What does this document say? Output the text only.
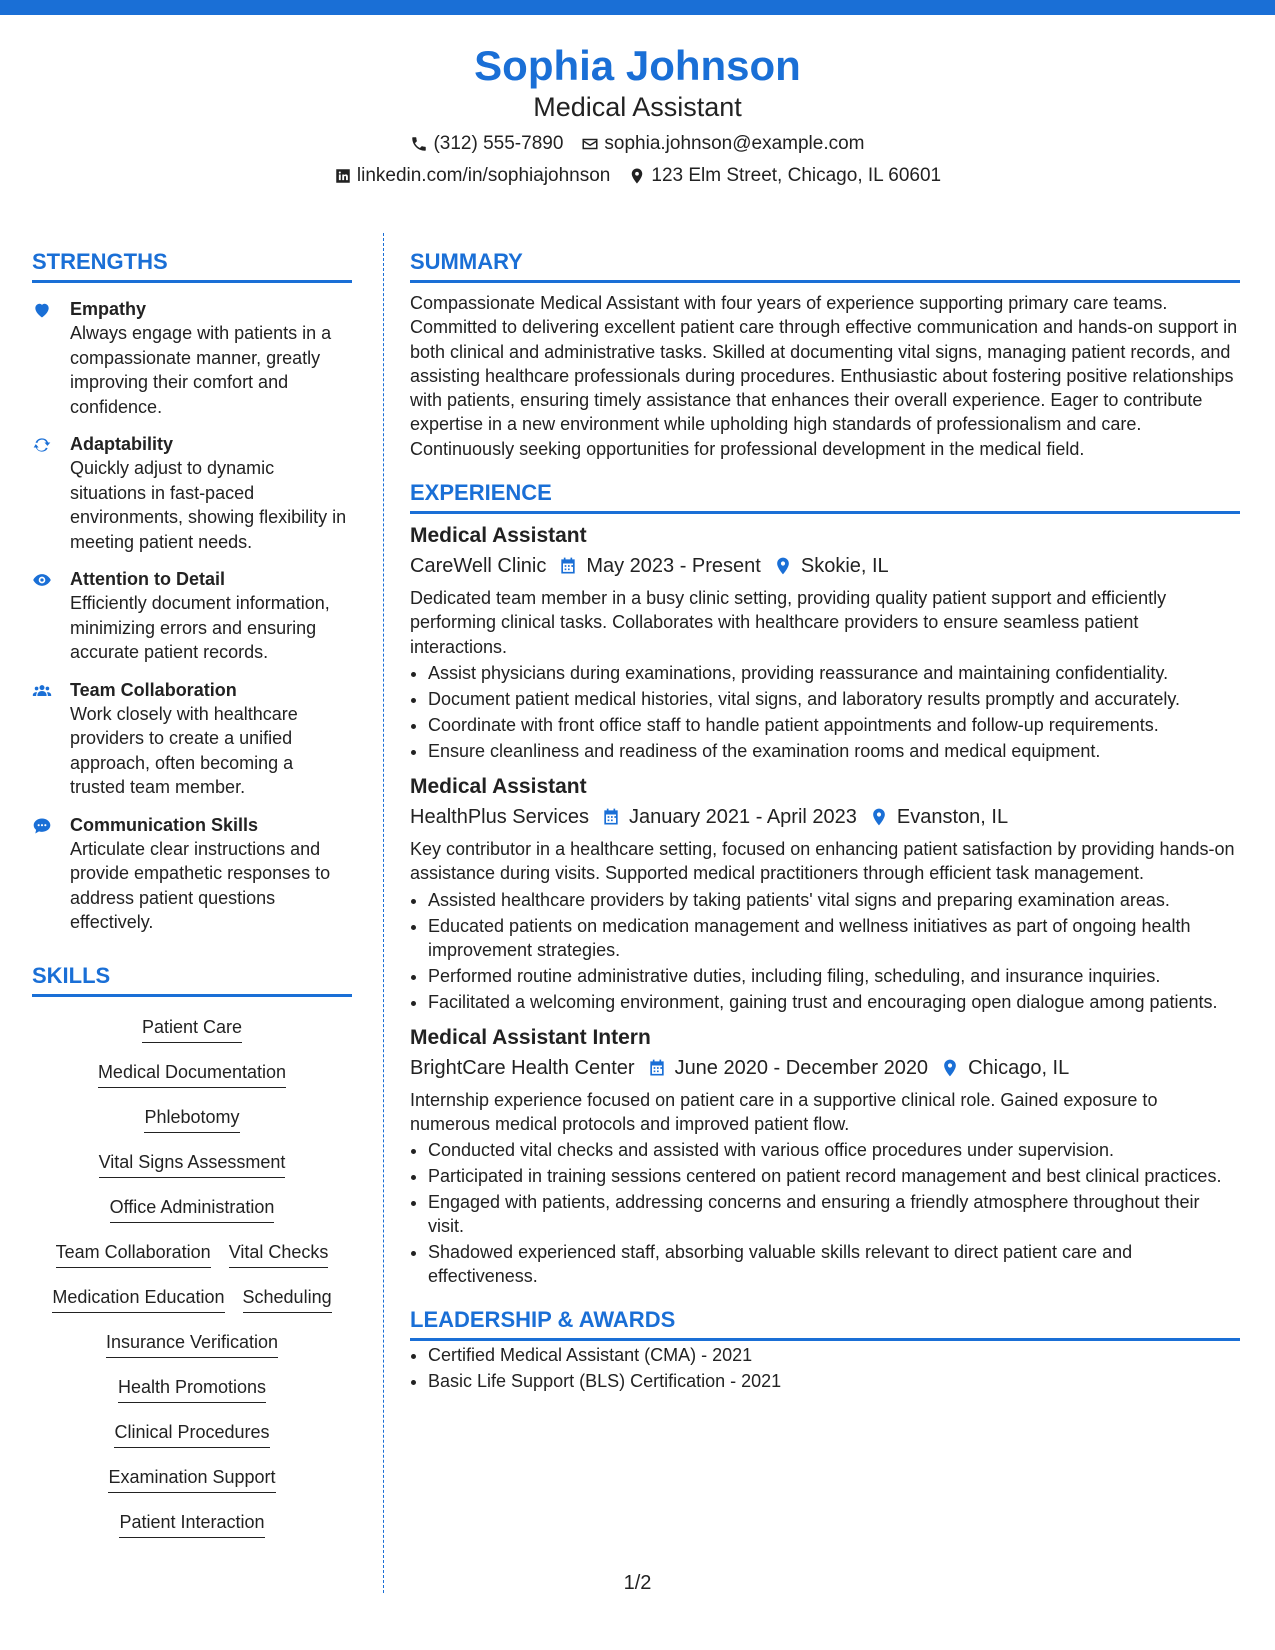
Sophia Johnson
Medical Assistant
(312) 555-7890 sophia.johnson@example.com
linkedin.com/in/sophiajohnson 123 Elm Street, Chicago, IL 60601
STRENGTHS
Empathy
Always engage with patients in a compassionate manner, greatly improving their comfort and confidence.
Adaptability
Quickly adjust to dynamic situations in fast-paced environments, showing flexibility in meeting patient needs.
Attention to Detail
Efficiently document information, minimizing errors and ensuring accurate patient records.
Team Collaboration
Work closely with healthcare providers to create a unified approach, often becoming a trusted team member.
Communication Skills
Articulate clear instructions and provide empathetic responses to address patient questions effectively.
SKILLS
Patient Care
Medical Documentation
Phlebotomy
Vital Signs Assessment
Office Administration
Team Collaboration Vital Checks
Medication Education Scheduling
Insurance Verification
Health Promotions
Clinical Procedures
Examination Support
Patient Interaction
SUMMARY
Compassionate Medical Assistant with four years of experience supporting primary care teams. Committed to delivering excellent patient care through effective communication and hands-on support in both clinical and administrative tasks. Skilled at documenting vital signs, managing patient records, and assisting healthcare professionals during procedures. Enthusiastic about fostering positive relationships with patients, ensuring timely assistance that enhances their overall experience. Eager to contribute expertise in a new environment while upholding high standards of professionalism and care. Continuously seeking opportunities for professional development in the medical field.
EXPERIENCE
Medical Assistant
CareWell Clinic May 2023 - Present Skokie, IL
Dedicated team member in a busy clinic setting, providing quality patient support and efficiently performing clinical tasks. Collaborates with healthcare providers to ensure seamless patient interactions.
• Assist physicians during examinations, providing reassurance and maintaining confidentiality.
• Document patient medical histories, vital signs, and laboratory results promptly and accurately.
• Coordinate with front office staff to handle patient appointments and follow-up requirements.
• Ensure cleanliness and readiness of the examination rooms and medical equipment.
Medical Assistant
HealthPlus Services January 2021 - April 2023 Evanston, IL
Key contributor in a healthcare setting, focused on enhancing patient satisfaction by providing hands-on assistance during visits. Supported medical practitioners through efficient task management.
• Assisted healthcare providers by taking patients' vital signs and preparing examination areas.
• Educated patients on medication management and wellness initiatives as part of ongoing health improvement strategies.
• Performed routine administrative duties, including filing, scheduling, and insurance inquiries.
• Facilitated a welcoming environment, gaining trust and encouraging open dialogue among patients.
Medical Assistant Intern
BrightCare Health Center June 2020 - December 2020 Chicago, IL
Internship experience focused on patient care in a supportive clinical role. Gained exposure to numerous medical protocols and improved patient flow.
• Conducted vital checks and assisted with various office procedures under supervision.
• Participated in training sessions centered on patient record management and best clinical practices.
• Engaged with patients, addressing concerns and ensuring a friendly atmosphere throughout their visit.
• Shadowed experienced staff, absorbing valuable skills relevant to direct patient care and effectiveness.
LEADERSHIP & AWARDS
• Certified Medical Assistant (CMA) - 2021
• Basic Life Support (BLS) Certification - 2021
1/2
